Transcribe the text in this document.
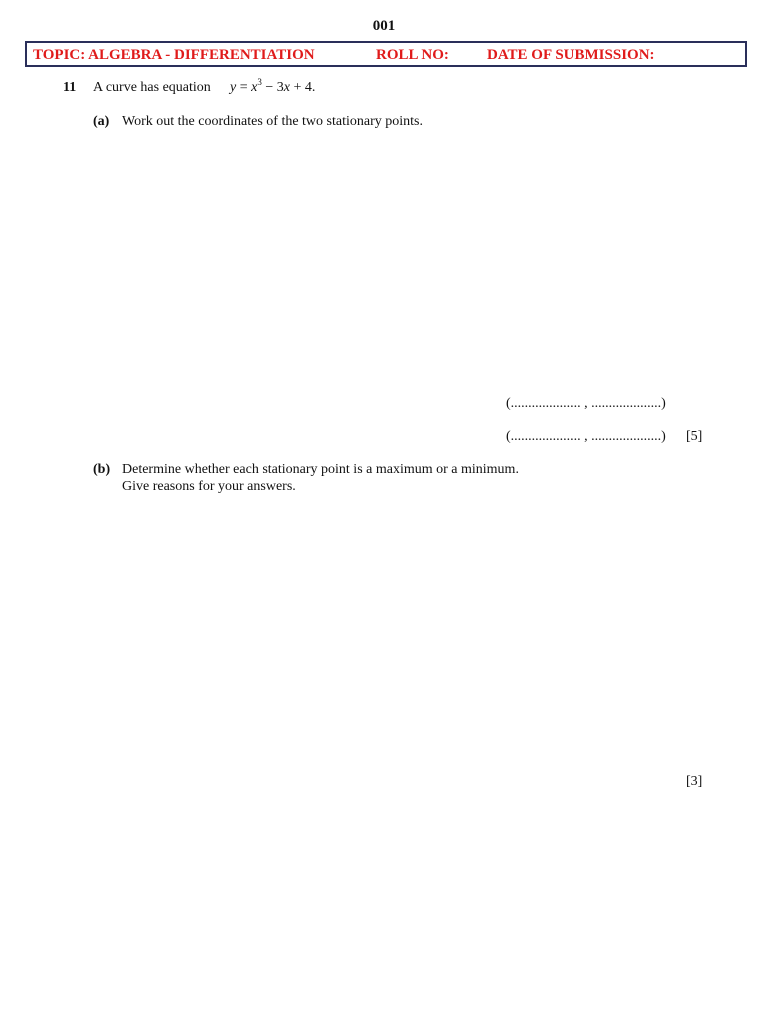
001
TOPIC: ALGEBRA - DIFFERENTIATION	ROLL NO:	DATE OF SUBMISSION:
11 A curve has equation $y = x^3 - 3x + 4$.
(a) Work out the coordinates of the two stationary points.
(.................... , ....................)
(.................... , ....................) [5]
(b) Determine whether each stationary point is a maximum or a minimum.
Give reasons for your answers.
[3]
